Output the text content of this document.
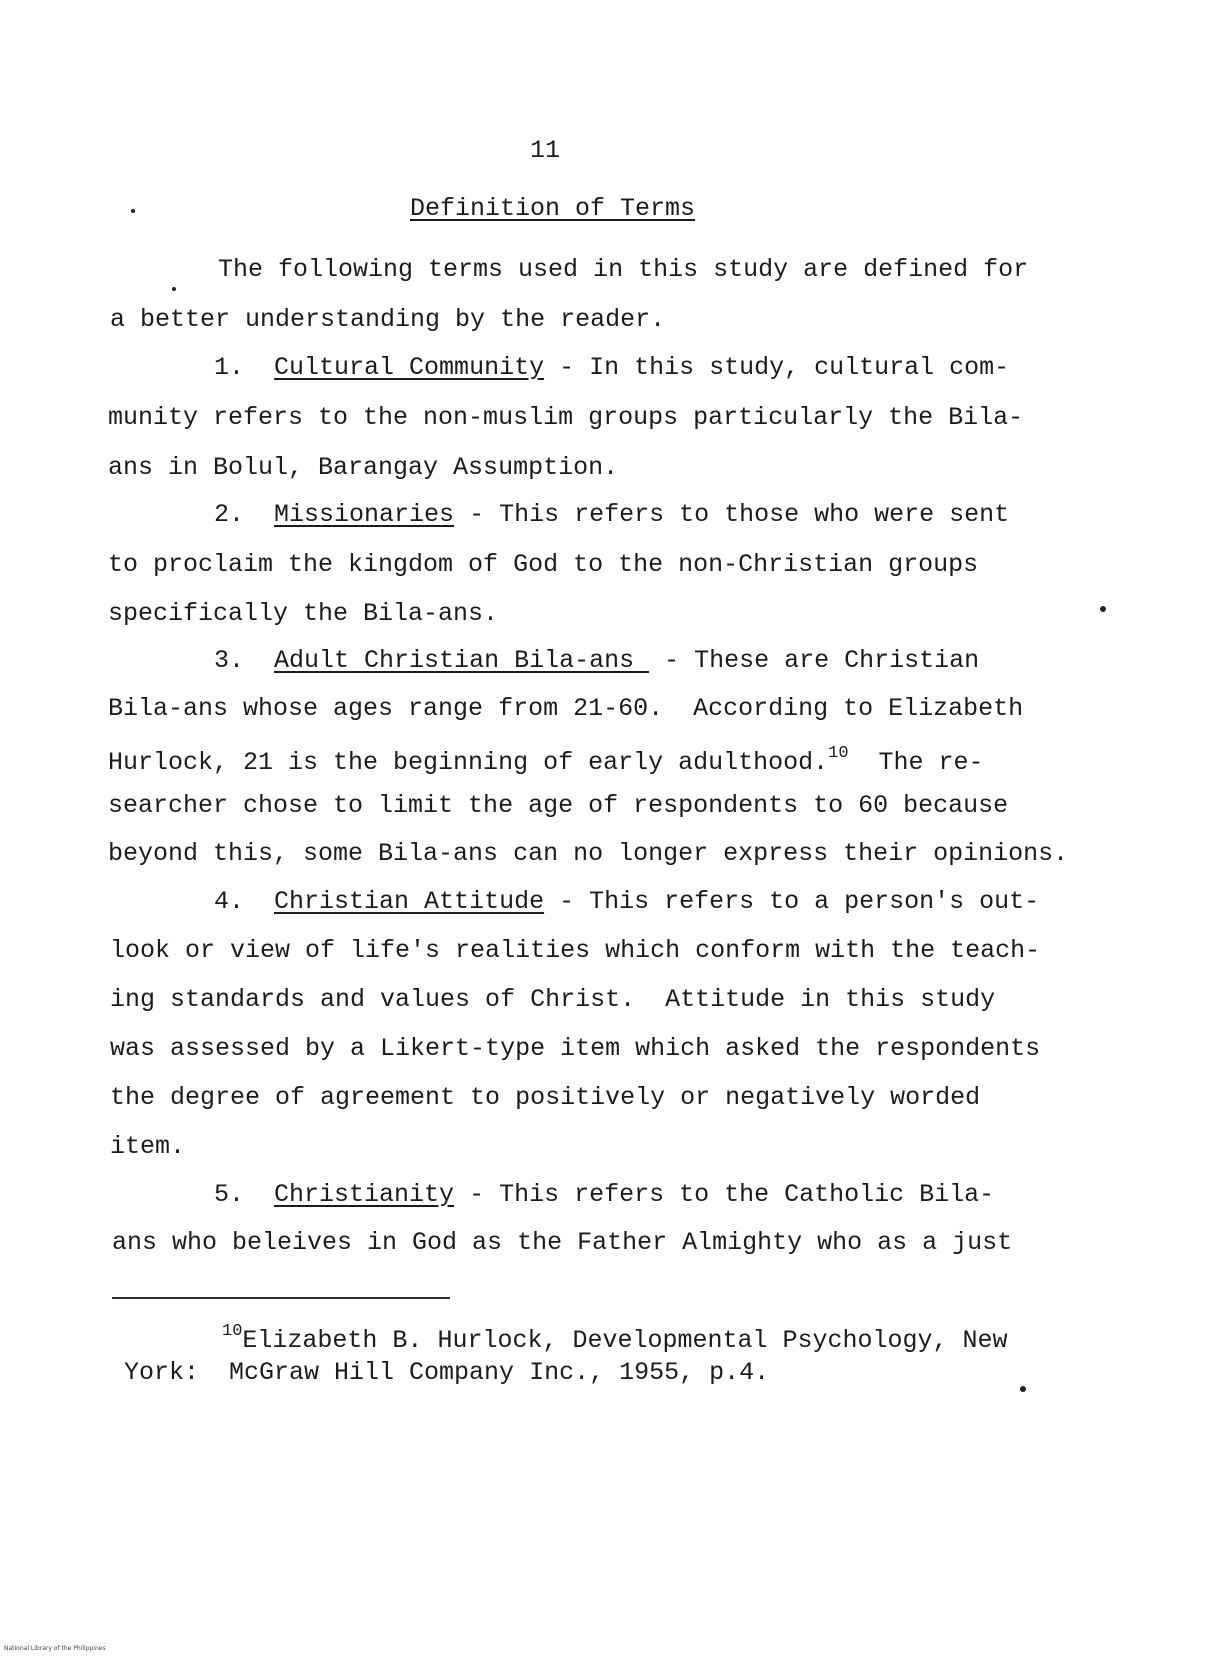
11
Definition of Terms
The following terms used in this study are defined for
a better understanding by the reader.
1. Cultural Community - In this study, cultural com-
munity refers to the non-muslim groups particularly the Bila-
ans in Bolul, Barangay Assumption.
2. Missionaries - This refers to those who were sent
to proclaim the kingdom of God to the non-Christian groups
specifically the Bila-ans.
3. Adult Christian Bila-ans  - These are Christian
Bila-ans whose ages range from 21-60.  According to Elizabeth
Hurlock, 21 is the beginning of early adulthood.$^{10}$  The re-
searcher chose to limit the age of respondents to 60 because
beyond this, some Bila-ans can no longer express their opinions.
4. Christian Attitude - This refers to a person's out-
look or view of life's realities which conform with the teach-
ing standards and values of Christ.  Attitude in this study
was assessed by a Likert-type item which asked the respondents
the degree of agreement to positively or negatively worded
item.
5. Christianity - This refers to the Catholic Bila-
ans who beleives in God as the Father Almighty who as a just
$^{10}$Elizabeth B. Hurlock, Developmental Psychology, New
York:  McGraw Hill Company Inc., 1955, p.4.
National Library of the Philippines
